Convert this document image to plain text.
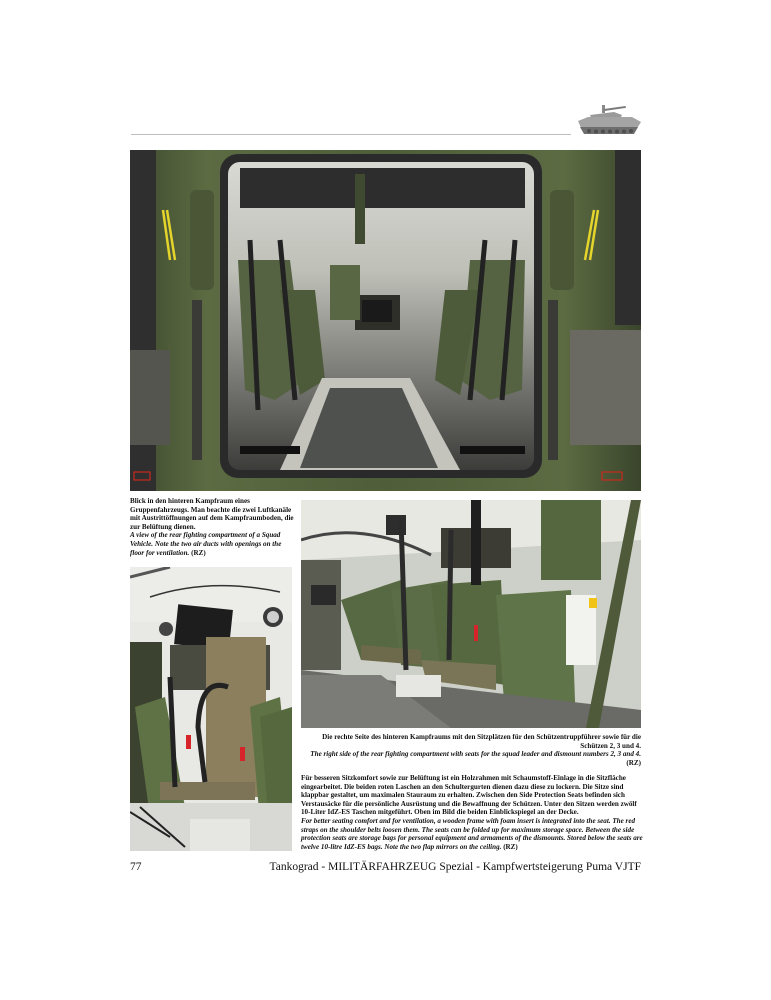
Blick in den hinteren Kampfraum eines Gruppenfahrzeugs. Man beachte die zwei Luftkanäle mit Austrittöffnungen auf dem Kampfraumboden, die zur Belüftung dienen.
A view of the rear fighting compartment of a Squad Vehicle. Note the two air ducts with openings on the floor for ventilation. (RZ)
Die rechte Seite des hinteren Kampfraums mit den Sitzplätzen für den Schützentruppführer sowie für die Schützen 2, 3 und 4.
The right side of the rear fighting compartment with seats for the squad leader and dismount numbers 2, 3 and 4.
(RZ)
Für besseren Sitzkomfort sowie zur Belüftung ist ein Holzrahmen mit Schaumstoff-Einlage in die Sitzfläche eingearbeitet. Die beiden roten Laschen an den Schultergurten dienen dazu diese zu lockern. Die Sitze sind klappbar gestaltet, um maximalen Stauraum zu erhalten. Zwischen den Side Protection Seats befinden sich Verstausäcke für die persönliche Ausrüstung und die Bewaffnung der Schützen. Unter den Sitzen werden zwölf 10-Liter IdZ-ES Taschen mitgeführt. Oben im Bild die beiden Einblickspiegel an der Decke.
For better seating comfort and for ventilation, a wooden frame with foam insert is integrated into the seat. The red straps on the shoulder belts loosen them. The seats can be folded up for maximum storage space. Between the side protection seats are storage bags for personal equipment and armaments of the dismounts. Stored below the seats are twelve 10-litre IdZ-ES bags. Note the two flap mirrors on the ceiling. (RZ)
77	Tankograd - MILITÄRFAHRZEUG Spezial - Kampfwertsteigerung Puma VJTF
